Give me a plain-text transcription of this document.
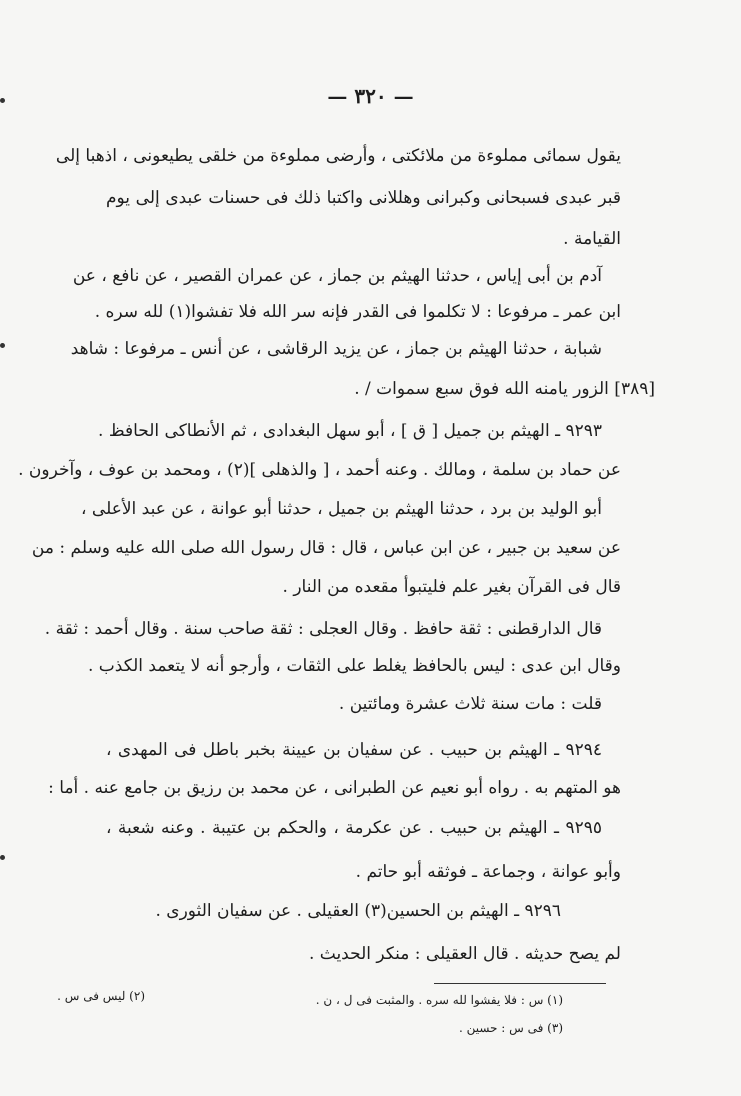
— ٣٢٠ —
يقول سمائى مملوءة من ملائكتى ، وأرضى مملوءة من خلقى يطيعونى ، اذهبا إلى
قبر عبدى فسبحانى وكبرانى وهللانى واكتبا ذلك فى حسنات عبدى إلى يوم
القيامة .
آدم بن أبى إياس ، حدثنا الهيثم بن جماز ، عن عمران القصير ، عن نافع ، عن
ابن عمر ـ مرفوعا : لا تكلموا فى القدر فإنه سر الله فلا تفشوا(١) لله سره .
شبابة ، حدثنا الهيثم بن جماز ، عن يزيد الرقاشى ، عن أنس ـ مرفوعا : شاهد
[٣٨٩] الزور يامنه الله فوق سبع سموات / .
٩٢٩٣ ـ الهيثم بن جميل [ ق ] ، أبو سهل البغدادى ، ثم الأنطاكى الحافظ .
عن حماد بن سلمة ، ومالك . وعنه أحمد ، [ والذهلى ](٢) ، ومحمد بن عوف ، وآخرون .
أبو الوليد بن برد ، حدثنا الهيثم بن جميل ، حدثنا أبو عوانة ، عن عبد الأعلى ،
عن سعيد بن جبير ، عن ابن عباس ، قال : قال رسول الله صلى الله عليه وسلم : من
قال فى القرآن بغير علم فليتبوأ مقعده من النار .
قال الدارقطنى : ثقة حافظ . وقال العجلى : ثقة صاحب سنة . وقال أحمد : ثقة .
وقال ابن عدى : ليس بالحافظ يغلط على الثقات ، وأرجو أنه لا يتعمد الكذب .
قلت : مات سنة ثلاث عشرة ومائتين .
٩٢٩٤ ـ الهيثم بن حبيب . عن سفيان بن عيينة بخبر باطل فى المهدى ،
هو المتهم به . رواه أبو نعيم عن الطبرانى ، عن محمد بن رزيق بن جامع عنه . أما :
٩٢٩٥ ـ الهيثم بن حبيب . عن عكرمة ، والحكم بن عتيبة . وعنه شعبة ،
وأبو عوانة ، وجماعة ـ فوثقه أبو حاتم .
٩٢٩٦ ـ الهيثم بن الحسين(٣) العقيلى . عن سفيان الثورى .
لم يصح حديثه . قال العقيلى : منكر الحديث .
(١) س : فلا يفشوا لله سره . والمثبت فى ل ، ن .
(٢) ليس فى س .
(٣) فى س : حسين .
